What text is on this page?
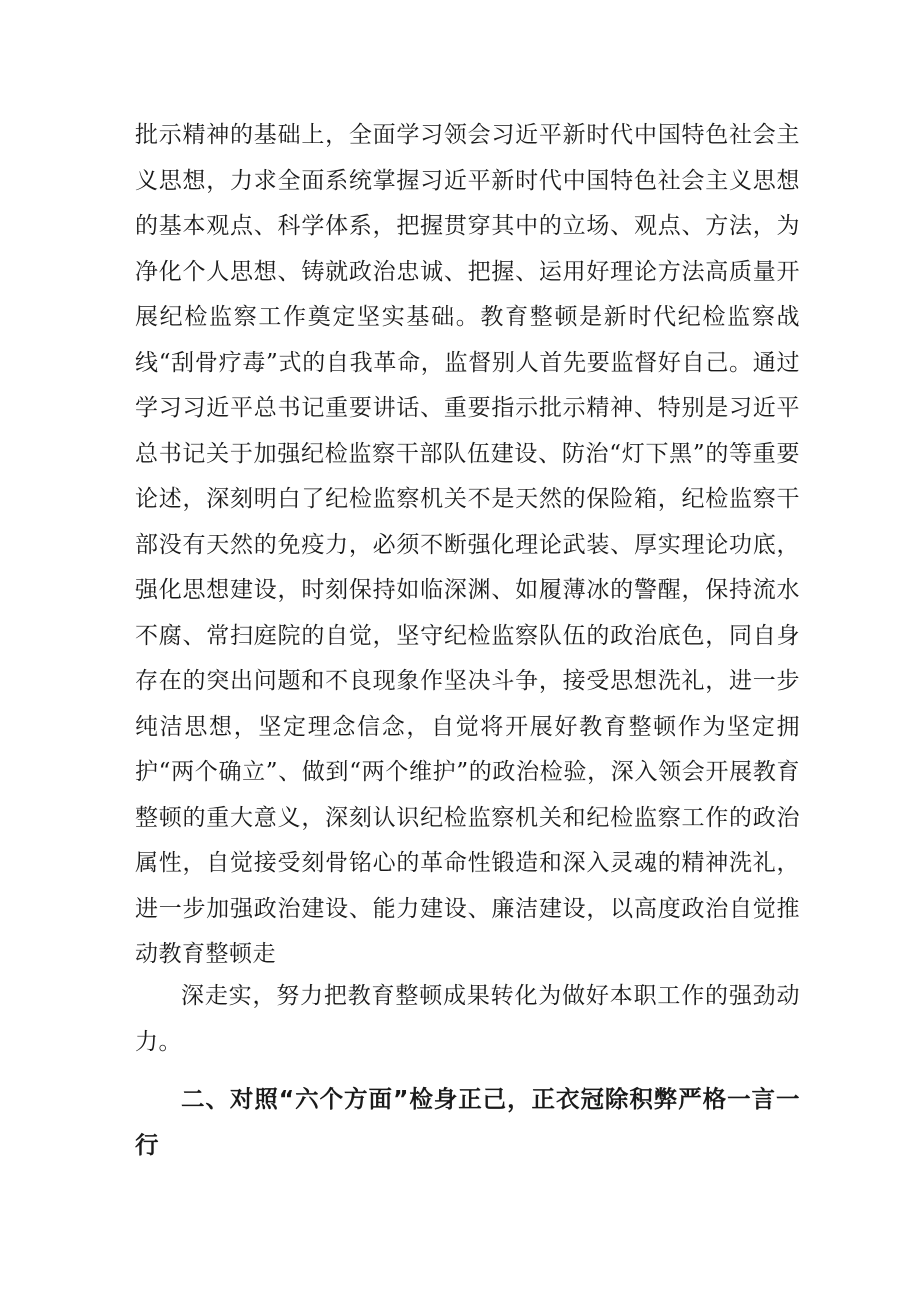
批示精神的基础上，全面学习领会习近平新时代中国特色社会主义思想，力求全面系统掌握习近平新时代中国特色社会主义思想的基本观点、科学体系，把握贯穿其中的立场、观点、方法，为净化个人思想、铸就政治忠诚、把握、运用好理论方法高质量开展纪检监察工作奠定坚实基础。教育整顿是新时代纪检监察战线“刮骨疗毒”式的自我革命，监督别人首先要监督好自己。通过学习习近平总书记重要讲话、重要指示批示精神、特别是习近平总书记关于加强纪检监察干部队伍建设、防治“灯下黑”的等重要论述，深刻明白了纪检监察机关不是天然的保险箱，纪检监察干部没有天然的免疫力，必须不断强化理论武装、厚实理论功底，强化思想建设，时刻保持如临深渊、如履薄冰的警醒，保持流水不腐、常扫庭院的自觉，坚守纪检监察队伍的政治底色，同自身存在的突出问题和不良现象作坚决斗争，接受思想洗礼，进一步纯洁思想，坚定理念信念，自觉将开展好教育整顿作为坚定拥护“两个确立”、做到“两个维护”的政治检验，深入领会开展教育整顿的重大意义，深刻认识纪检监察机关和纪检监察工作的政治属性，自觉接受刻骨铭心的革命性锻造和深入灵魂的精神洗礼，进一步加强政治建设、能力建设、廉洁建设，以高度政治自觉推动教育整顿走

深走实，努力把教育整顿成果转化为做好本职工作的强劲动力。

二、对照“六个方面”检身正己，正衣冠除积弊严格一言一行
